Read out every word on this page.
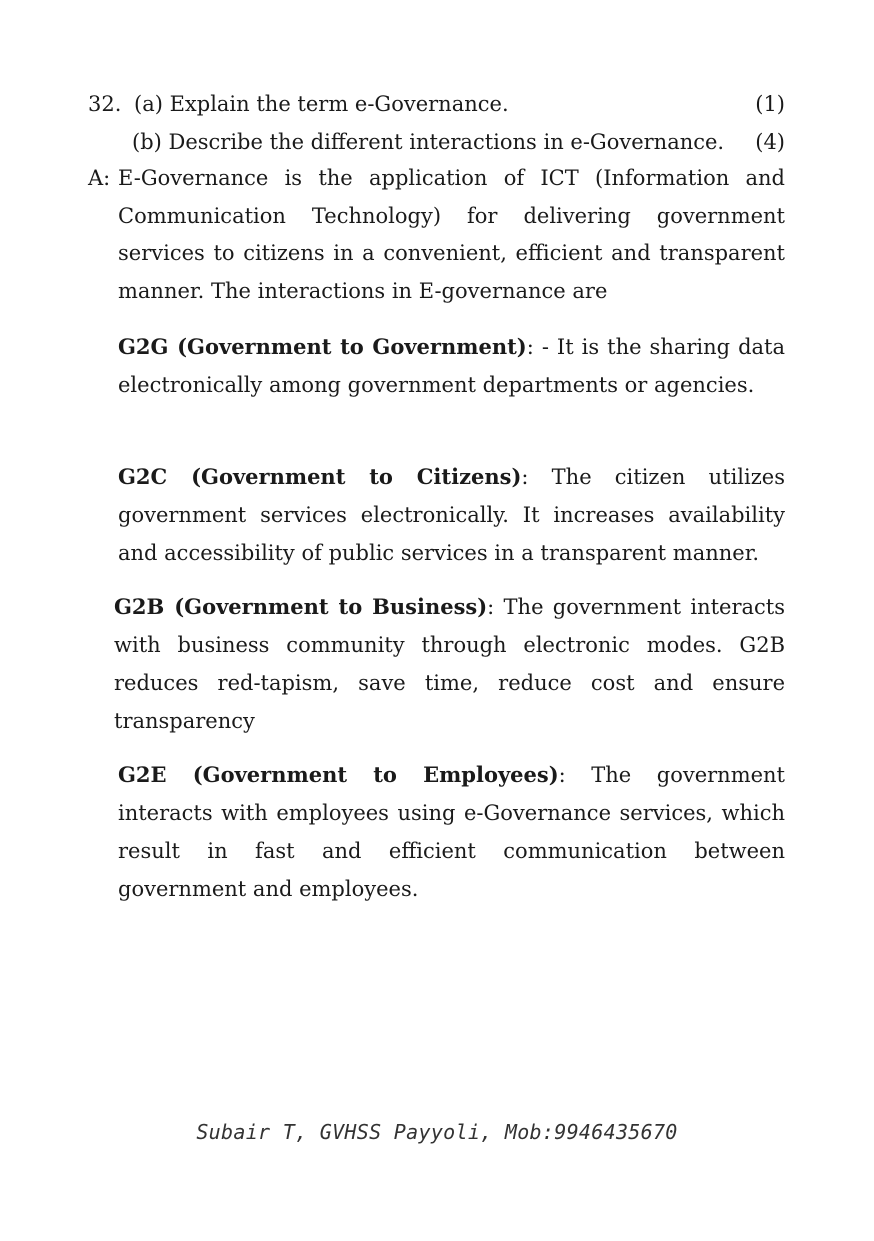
32. (a) Explain the term e-Governance.	(1)
(b) Describe the different interactions in e-Governance. (4)
A: E-Governance is the application of ICT (Information and Communication Technology) for delivering government services to citizens in a convenient, efficient and transparent manner. The interactions in E-governance are
G2G (Government to Government): - It is the sharing data electronically among government departments or agencies.
G2C (Government to Citizens): The citizen utilizes government services electronically. It increases availability and accessibility of public services in a transparent manner.
G2B (Government to Business): The government interacts with business community through electronic modes. G2B reduces red-tapism, save time, reduce cost and ensure transparency
G2E (Government to Employees): The government interacts with employees using e-Governance services, which result in fast and efficient communication between government and employees.
Subair T, GVHSS Payyoli, Mob:9946435670
